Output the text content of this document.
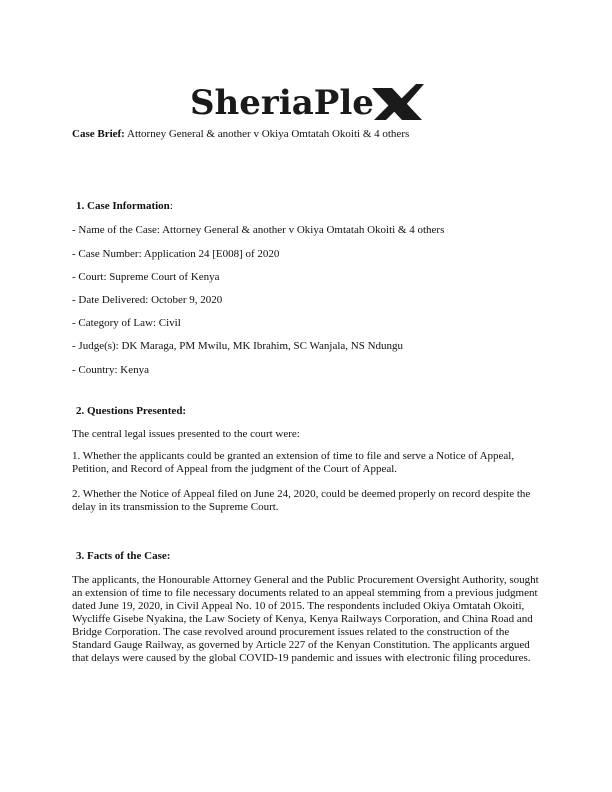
SheriaPle
Case Brief: Attorney General & another v Okiya Omtatah Okoiti & 4 others
1. Case Information:
- Name of the Case: Attorney General & another v Okiya Omtatah Okoiti & 4 others
- Case Number: Application 24 [E008] of 2020
- Court: Supreme Court of Kenya
- Date Delivered: October 9, 2020
- Category of Law: Civil
- Judge(s): DK Maraga, PM Mwilu, MK Ibrahim, SC Wanjala, NS Ndungu
- Country: Kenya
2. Questions Presented:
The central legal issues presented to the court were:
1. Whether the applicants could be granted an extension of time to file and serve a Notice of Appeal, Petition, and Record of Appeal from the judgment of the Court of Appeal.
2. Whether the Notice of Appeal filed on June 24, 2020, could be deemed properly on record despite the delay in its transmission to the Supreme Court.
3. Facts of the Case:
The applicants, the Honourable Attorney General and the Public Procurement Oversight Authority, sought an extension of time to file necessary documents related to an appeal stemming from a previous judgment dated June 19, 2020, in Civil Appeal No. 10 of 2015. The respondents included Okiya Omtatah Okoiti, Wycliffe Gisebe Nyakina, the Law Society of Kenya, Kenya Railways Corporation, and China Road and Bridge Corporation. The case revolved around procurement issues related to the construction of the Standard Gauge Railway, as governed by Article 227 of the Kenyan Constitution. The applicants argued that delays were caused by the global COVID-19 pandemic and issues with electronic filing procedures.
